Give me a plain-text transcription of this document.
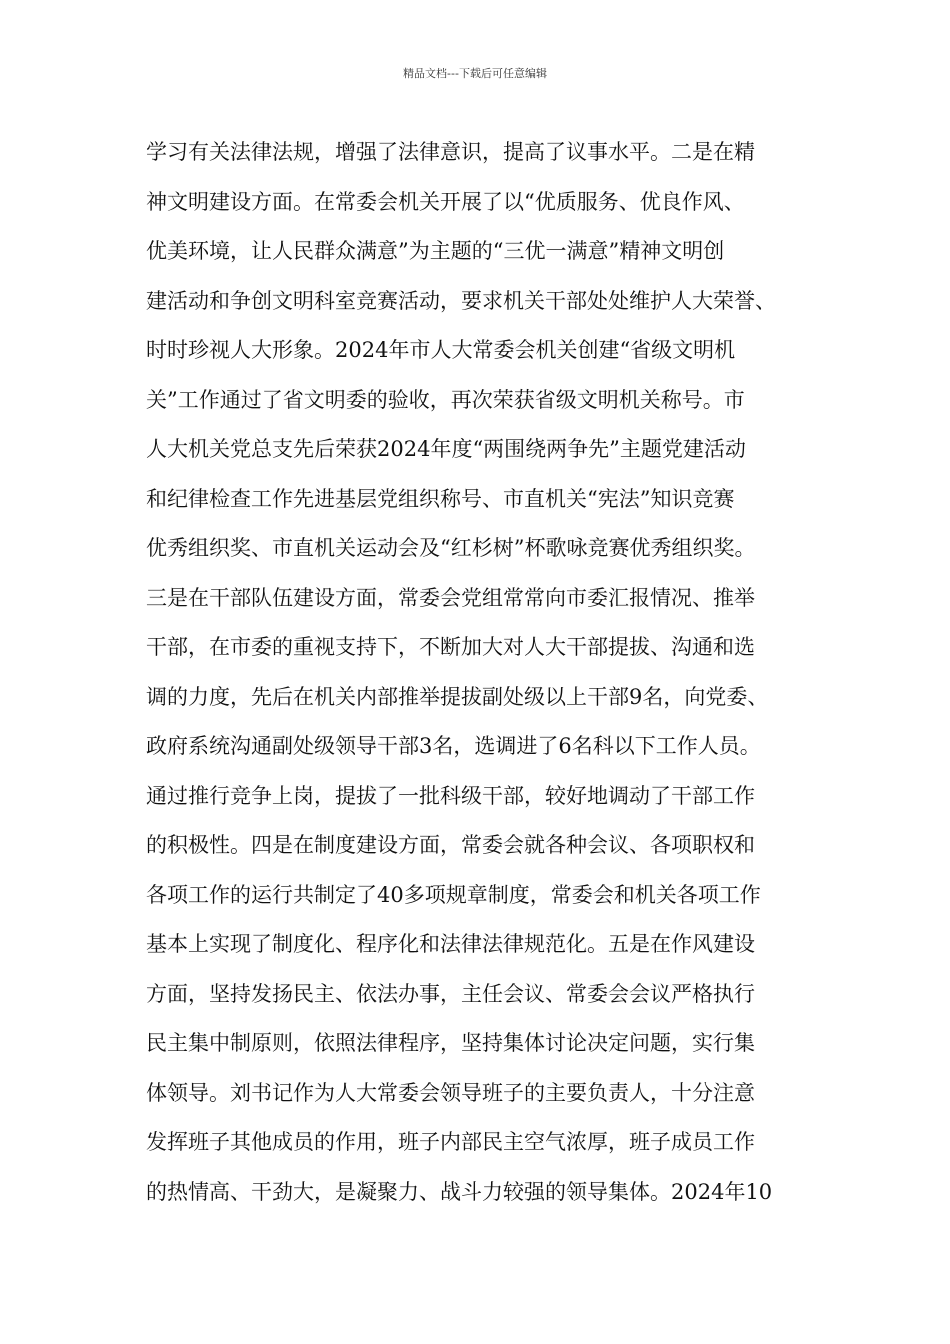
精品文档---下载后可任意编辑
学习有关法律法规，增强了法律意识，提高了议事水平。二是在精
神文明建设方面。在常委会机关开展了以“优质服务、优良作风、
优美环境，让人民群众满意”为主题的“三优一满意”精神文明创
建活动和争创文明科室竞赛活动，要求机关干部处处维护人大荣誉、
时时珍视人大形象。2024年市人大常委会机关创建“省级文明机
关”工作通过了省文明委的验收，再次荣获省级文明机关称号。市
人大机关党总支先后荣获2024年度“两围绕两争先”主题党建活动
和纪律检查工作先进基层党组织称号、市直机关“宪法”知识竞赛
优秀组织奖、市直机关运动会及“红杉树”杯歌咏竞赛优秀组织奖。
三是在干部队伍建设方面，常委会党组常常向市委汇报情况、推举
干部，在市委的重视支持下，不断加大对人大干部提拔、沟通和选
调的力度，先后在机关内部推举提拔副处级以上干部9名，向党委、
政府系统沟通副处级领导干部3名，选调进了6名科以下工作人员。
通过推行竞争上岗，提拔了一批科级干部，较好地调动了干部工作
的积极性。四是在制度建设方面，常委会就各种会议、各项职权和
各项工作的运行共制定了40多项规章制度，常委会和机关各项工作
基本上实现了制度化、程序化和法律法律规范化。五是在作风建设
方面，坚持发扬民主、依法办事，主任会议、常委会会议严格执行
民主集中制原则，依照法律程序，坚持集体讨论决定问题，实行集
体领导。刘书记作为人大常委会领导班子的主要负责人，十分注意
发挥班子其他成员的作用，班子内部民主空气浓厚，班子成员工作
的热情高、干劲大，是凝聚力、战斗力较强的领导集体。2024年10
